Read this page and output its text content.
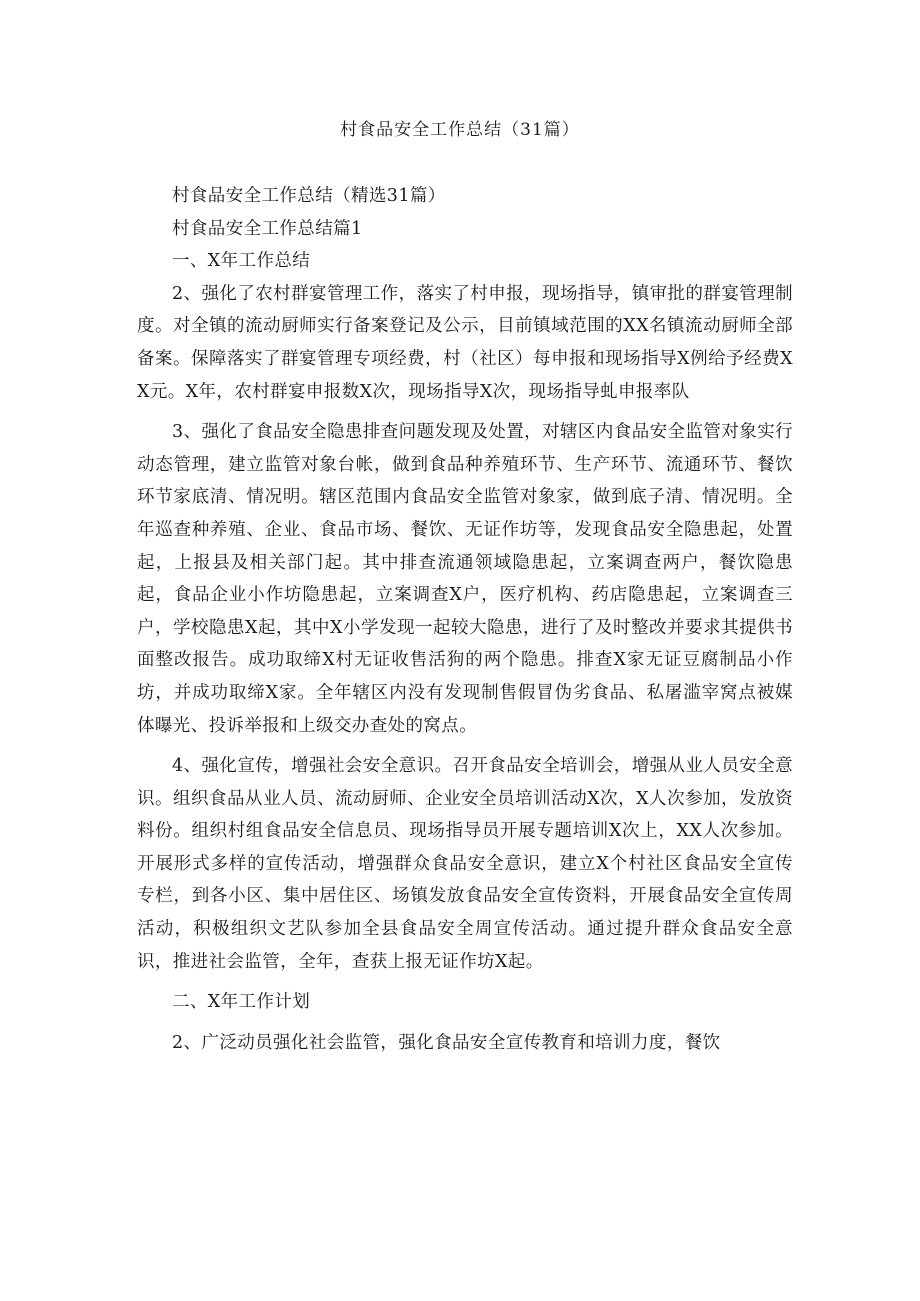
村食品安全工作总结（31篇）

村食品安全工作总结（精选31篇）

村食品安全工作总结篇1

一、X年工作总结

2、强化了农村群宴管理工作，落实了村申报，现场指导，镇审批的群宴管理制度。对全镇的流动厨师实行备案登记及公示，目前镇域范围的XX名镇流动厨师全部备案。保障落实了群宴管理专项经费，村（社区）每申报和现场指导X例给予经费XX元。X年，农村群宴申报数X次，现场指导X次，现场指导虬申报率队

3、强化了食品安全隐患排查问题发现及处置，对辖区内食品安全监管对象实行动态管理，建立监管对象台帐，做到食品种养殖环节、生产环节、流通环节、餐饮环节家底清、情况明。辖区范围内食品安全监管对象家，做到底子清、情况明。全年巡查种养殖、企业、食品市场、餐饮、无证作坊等，发现食品安全隐患起，处置起，上报县及相关部门起。其中排查流通领域隐患起，立案调查两户，餐饮隐患起，食品企业小作坊隐患起，立案调查X户，医疗机构、药店隐患起，立案调查三户，学校隐患X起，其中X小学发现一起较大隐患，进行了及时整改并要求其提供书面整改报告。成功取缔X村无证收售活狗的两个隐患。排查X家无证豆腐制品小作坊，并成功取缔X家。全年辖区内没有发现制售假冒伪劣食品、私屠滥宰窝点被媒体曝光、投诉举报和上级交办查处的窝点。

4、强化宣传，增强社会安全意识。召开食品安全培训会，增强从业人员安全意识。组织食品从业人员、流动厨师、企业安全员培训活动X次，X人次参加，发放资料份。组织村组食品安全信息员、现场指导员开展专题培训X次上，XX人次参加。开展形式多样的宣传活动，增强群众食品安全意识，建立X个村社区食品安全宣传专栏，到各小区、集中居住区、场镇发放食品安全宣传资料，开展食品安全宣传周活动，积极组织文艺队参加全县食品安全周宣传活动。通过提升群众食品安全意识，推进社会监管，全年，查获上报无证作坊X起。

二、X年工作计划

2、广泛动员强化社会监管，强化食品安全宣传教育和培训力度，餐饮
